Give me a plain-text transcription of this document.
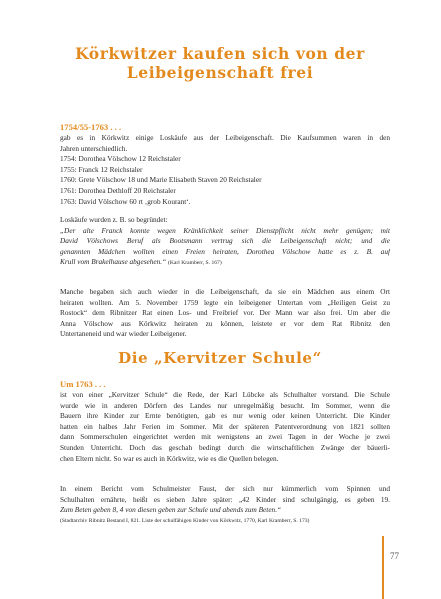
Körkwitzer kaufen sich von der
Leibeigenschaft frei
1754/55-1763 . . .
gab es in Körkwitz einige Loskäufe aus der Leibeigenschaft. Die Kaufsummen waren in den
Jahren unterschiedlich.
1754: Dorothea Völschow 12 Reichstaler
1755: Franck 12 Reichstaler
1760: Grete Völschow 18 und Marie Elisabeth Staven 20 Reichstaler
1761: Dorothea Dethloff 20 Reichstaler
1763: David Völschow 60 rt ‚grob Kourant‘.
Loskäufe wurden z. B. so begründet:
„Der alte Franck konnte wegen Kränklichkeit seiner Dienstpflicht nicht mehr genügen; mit
David Völschows Beruf als Bootsmann vertrug sich die Leibeigenschaft nicht; und die
genannten Mädchen wollten einen Freien heiraten, Dorothea Völschow hatte es z. B. auf
Krull vom Brakelhause abgesehen.“ (Karl Kramberr, S. 167)
Manche begaben sich auch wieder in die Leibeigenschaft, da sie ein Mädchen aus einem Ort
heiraten wollten. Am 5. November 1759 legte ein leibeigener Untertan vom „Heiligen Geist zu
Rostock“ dem Ribnitzer Rat einen Los- und Freibrief vor. Der Mann war also frei. Um aber die
Anna Völschow aus Körkwitz heiraten zu können, leistete er vor dem Rat Ribnitz den
Untertaneneid und war wieder Leibeigener.
Die „Kervitzer Schule“
Um 1763 . . .
ist von einer „Kervitzer Schule“ die Rede, der Karl Lübcke als Schulhalter vorstand. Die Schule
wurde wie in anderen Dörfern des Landes nur unregelmäßig besucht. Im Sommer, wenn die
Bauern ihre Kinder zur Ernte benötigten, gab es nur wenig oder keinen Unterricht. Die Kinder
hatten ein halbes Jahr Ferien im Sommer. Mit der späteren Patentverordnung von 1821 sollten
dann Sommerschulen eingerichtet werden mit wenigstens an zwei Tagen in der Woche je zwei
Stunden Unterricht. Doch das geschah bedingt durch die wirtschaftlichen Zwänge der bäuerli-
chen Eltern nicht. So war es auch in Körkwitz, wie es die Quellen belegen.
In einem Bericht vom Schulmeister Faust, der sich nur kümmerlich vom Spinnen und
Schulhalten ernährte, heißt es sieben Jahre später: „42 Kinder sind schulgängig, es geben 19.
Zum Beten geben 8, 4 von diesen geben zur Schule und abends zum Beten.“
(Stadtarchiv Ribnitz Bestand I, 821. Liste der schulfähigen Kinder von Körkwitz, 1770, Karl Kramberr, S. 173)
77
